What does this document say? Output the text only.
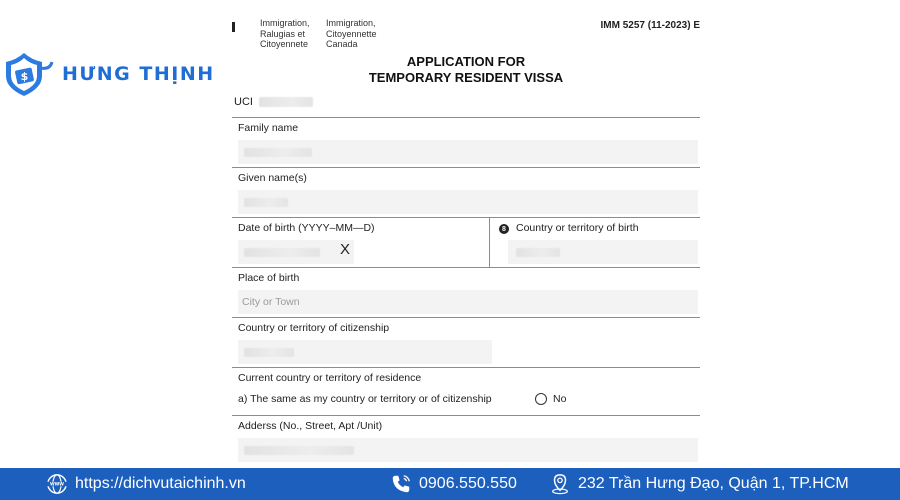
$ HƯNG THỊNH
Immigration,
Ralugias et
Citoyennete
Immigration,
Citoyennette
Canada
IMM 5257 (11-2023) E
APPLICATION FOR
TEMPORARY RESIDENT VISSA
UCI
Family name
Given name(s)
Date of birth (YYYY–MM—D)
X
8 Country or territory of birth
Place of birth
City or Town
Country or territory of citizenship
Current country or territory of residence
a) The same as my country or territory or of citizenship	No
Adderss (No., Street, Apt /Unit)
WWW https://dichvutaichinh.vn	0906.550.550	232 Trần Hưng Đạo, Quận 1, TP.HCM
